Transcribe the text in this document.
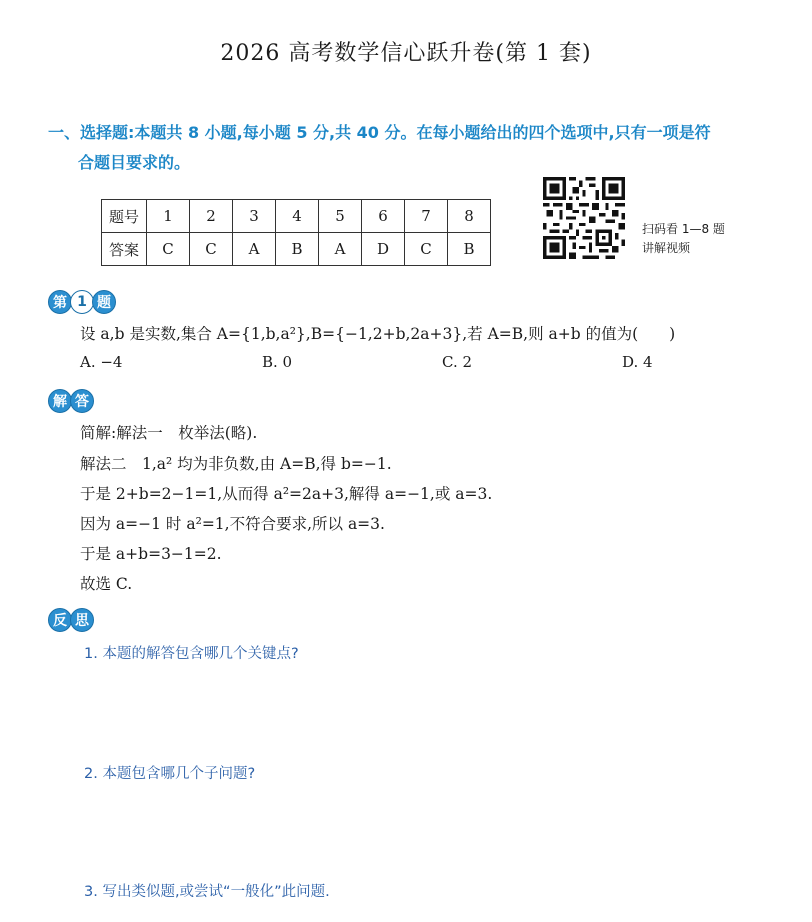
2026 高考数学信心跃升卷(第 1 套)
一、选择题:本题共 8 小题,每小题 5 分,共 40 分。在每小题给出的四个选项中,只有一项是符
合题目要求的。
题号	1	2	3	4	5	6	7	8
答案	C	C	A	B	A	D	C	B
扫码看 1—8 题
讲解视频
第 1 题
设 a,b 是实数,集合 A={1,b,a²},B={−1,2+b,2a+3},若 A=B,则 a+b 的值为(　　)
A. −4	B. 0	C. 2	D. 4
解 答
简解:解法一　枚举法(略).
解法二　1,a² 均为非负数,由 A=B,得 b=−1.
于是 2+b=2−1=1,从而得 a²=2a+3,解得 a=−1,或 a=3.
因为 a=−1 时 a²=1,不符合要求,所以 a=3.
于是 a+b=3−1=2.
故选 C.
反 思
1. 本题的解答包含哪几个关键点?
2. 本题包含哪几个子问题?
3. 写出类似题,或尝试“一般化”此问题.
